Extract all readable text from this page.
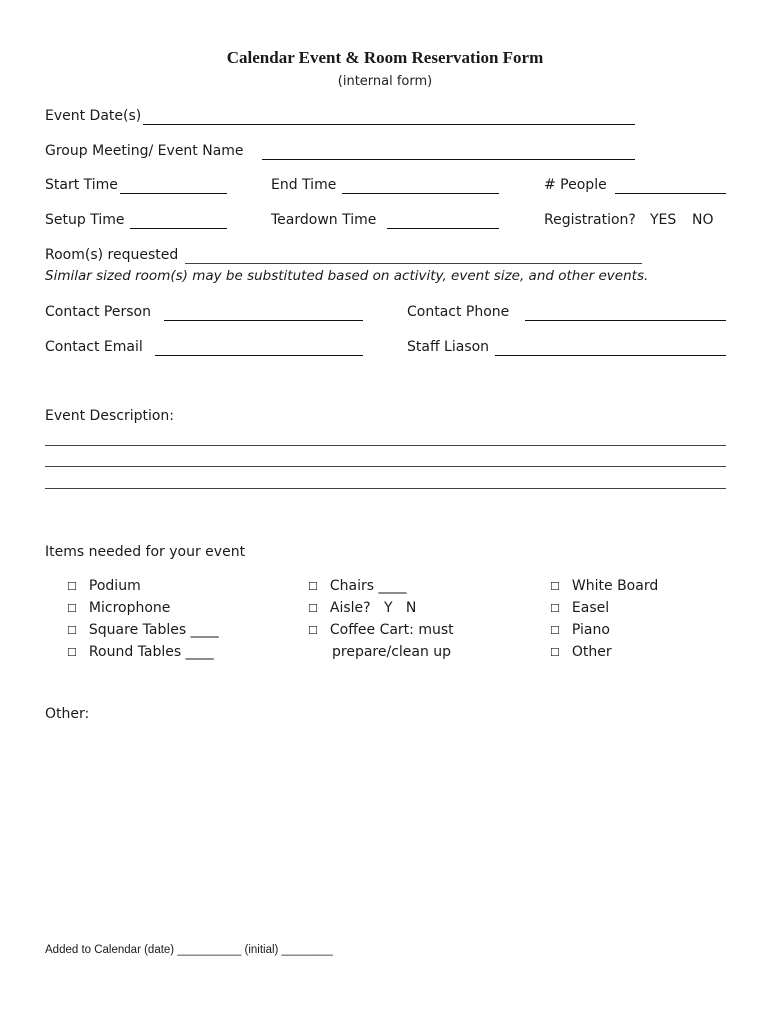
Calendar Event & Room Reservation Form
(internal form)
Event Date(s)
Group Meeting/ Event Name
Start Time	End Time	# People
Setup Time	Teardown Time	Registration? YES NO
Room(s) requested
Similar sized room(s) may be substituted based on activity, event size, and other events.
Contact Person	Contact Phone
Contact Email	Staff Liason
Event Description:
Items needed for your event
☐ Podium
☐ Microphone
☐ Square Tables ____
☐ Round Tables ____
☐ Chairs ____
☐ Aisle?   Y   N
☐ Coffee Cart: must
prepare/clean up
☐ White Board
☐ Easel
☐ Piano
☐ Other
Other:
Added to Calendar (date) __________ (initial) ________
